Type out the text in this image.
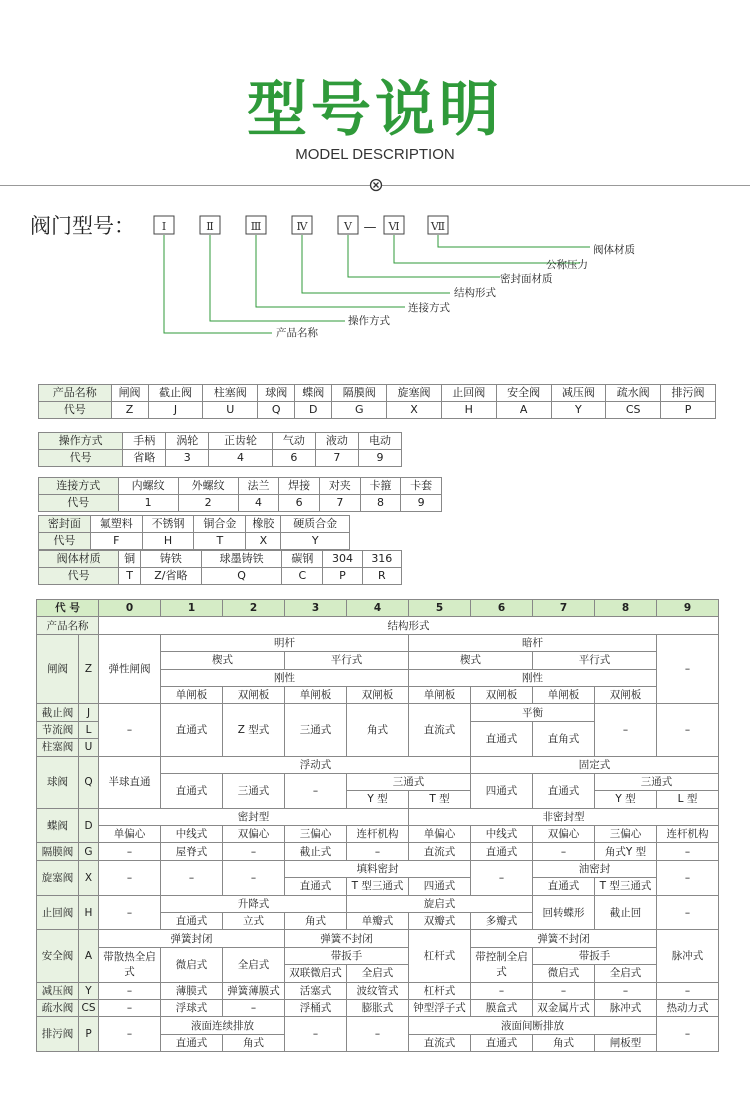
型号说明
MODEL DESCRIPTION
阀门型号： Ⅰ	Ⅱ	Ⅲ	Ⅳ	Ⅴ	Ⅵ	Ⅶ
—
阀体材质
公称压力
密封面材质
结构形式
连接方式
操作方式
产品名称
产品名称	闸阀	截止阀	柱塞阀	球阀	蝶阀	隔膜阀	旋塞阀	止回阀	安全阀	减压阀	疏水阀	排污阀
代号	Z	J	U	Q	D	G	X	H	A	Y	CS	P
操作方式	手柄	涡轮	正齿轮	气动	液动	电动
代号	省略	3	4	6	7	9
连接方式	内螺纹	外螺纹	法兰	焊接	对夹	卡箍	卡套
代号	1	2	4	6	7	8	9
密封面	氟塑料	不锈钢	铜合金	橡胶	硬质合金
代号	F	H	T	X	Y
阀体材质	铜	铸铁	球墨铸铁	碳钢	304	316
代号	T	Z/省略	Q	C	P	R
代 号		0	1	2	3	4	5	6	7	8	9
产品名称		结构形式									
闸阀	Z	弹性闸阀	明杆				暗杆				–
			楔式		平行式		楔式		平行式		
			刚性				刚性				
			单闸板	双闸板	单闸板	双闸板	单闸板	双闸板	单闸板	双闸板	
截止阀	J	–	直通式	Z 型式	三通式	角式	直流式	平衡		–	–
节流阀	L							直通式	直角式		
柱塞阀	U										
球阀	Q	半球直通	浮动式					固定式			
			直通式	三通式	–	三通式		四通式	直通式	三通式	
						Y 型	T 型			Y 型	L 型
蝶阀	D	密封型					非密封型				
		单偏心	中线式	双偏心	三偏心	连杆机构	单偏心	中线式	双偏心	三偏心	连杆机构
隔膜阀	G	–	屋脊式	–	截止式	–	直流式	直通式	–	角式Y 型	–
旋塞阀	X	–	–	–	填料密封			–	油密封		–
					直通式	T 型三通式	四通式		直通式	T 型三通式	
止回阀	H	–	升降式			旋启式			回转蝶形	截止回	–
			直通式	立式	角式	单瓣式	双瓣式	多瓣式			
安全阀	A	弹簧封闭			弹簧不封闭		杠杆式	弹簧不封闭			脉冲式
		带散热全启式	微启式	全启式	带扳手			带控制全启式	带扳手		
					双联微启式	全启式			微启式	全启式	
减压阀	Y	–	薄膜式	弹簧薄膜式	活塞式	波纹管式	杠杆式	–	–	–	–
疏水阀	CS	–	浮球式	–	浮桶式	膨胀式	钟型浮子式	膜盒式	双金属片式	脉冲式	热动力式
排污阀	P	–	液面连续排放		–	–	液面间断排放				–
			直通式	角式			直流式	直通式	角式	闸板型	
